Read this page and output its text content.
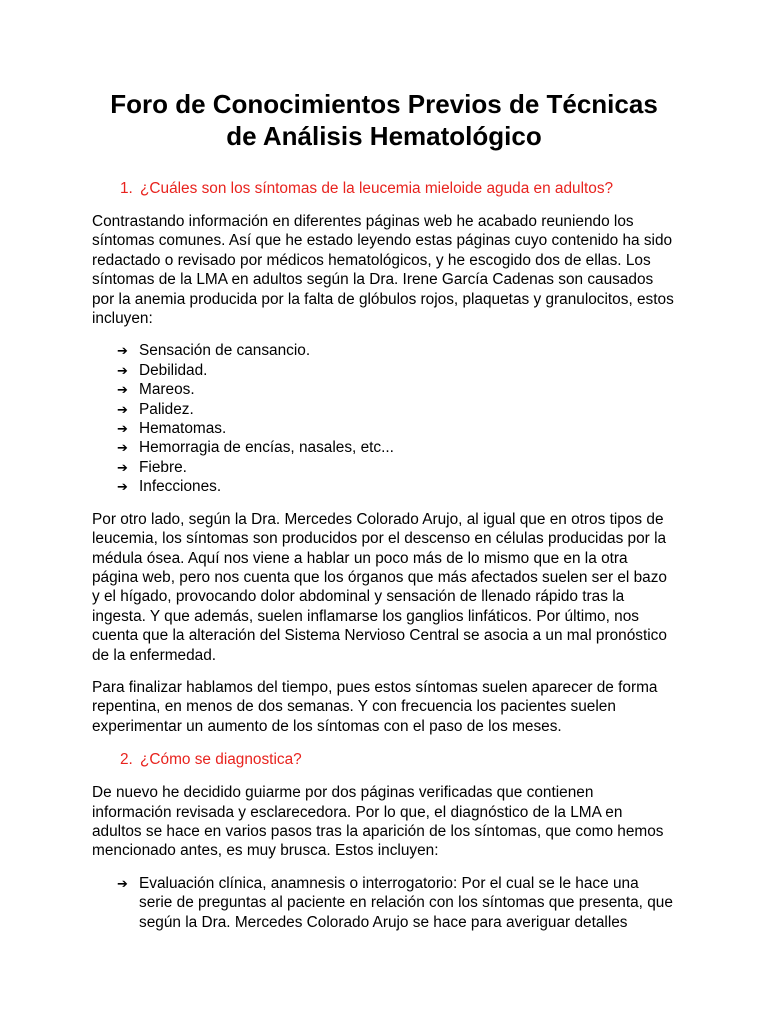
Foro de Conocimientos Previos de Técnicas
de Análisis Hematológico
1. ¿Cuáles son los síntomas de la leucemia mieloide aguda en adultos?

Contrastando información en diferentes páginas web he acabado reuniendo los síntomas comunes. Así que he estado leyendo estas páginas cuyo contenido ha sido redactado o revisado por médicos hematológicos, y he escogido dos de ellas. Los síntomas de la LMA en adultos según la Dra. Irene García Cadenas son causados por la anemia producida por la falta de glóbulos rojos, plaquetas y granulocitos, estos incluyen:

➔ Sensación de cansancio.
➔ Debilidad.
➔ Mareos.
➔ Palidez.
➔ Hematomas.
➔ Hemorragia de encías, nasales, etc...
➔ Fiebre.
➔ Infecciones.

Por otro lado, según la Dra. Mercedes Colorado Arujo, al igual que en otros tipos de leucemia, los síntomas son producidos por el descenso en células producidas por la médula ósea. Aquí nos viene a hablar un poco más de lo mismo que en la otra página web, pero nos cuenta que los órganos que más afectados suelen ser el bazo y el hígado, provocando dolor abdominal y sensación de llenado rápido tras la ingesta. Y que además, suelen inflamarse los ganglios linfáticos. Por último, nos cuenta que la alteración del Sistema Nervioso Central se asocia a un mal pronóstico de la enfermedad.

Para finalizar hablamos del tiempo, pues estos síntomas suelen aparecer de forma repentina, en menos de dos semanas. Y con frecuencia los pacientes suelen experimentar un aumento de los síntomas con el paso de los meses.

2. ¿Cómo se diagnostica?

De nuevo he decidido guiarme por dos páginas verificadas que contienen información revisada y esclarecedora. Por lo que, el diagnóstico de la LMA en adultos se hace en varios pasos tras la aparición de los síntomas, que como hemos mencionado antes, es muy brusca. Estos incluyen:

➔ Evaluación clínica, anamnesis o interrogatorio: Por el cual se le hace una serie de preguntas al paciente en relación con los síntomas que presenta, que según la Dra. Mercedes Colorado Arujo se hace para averiguar detalles
